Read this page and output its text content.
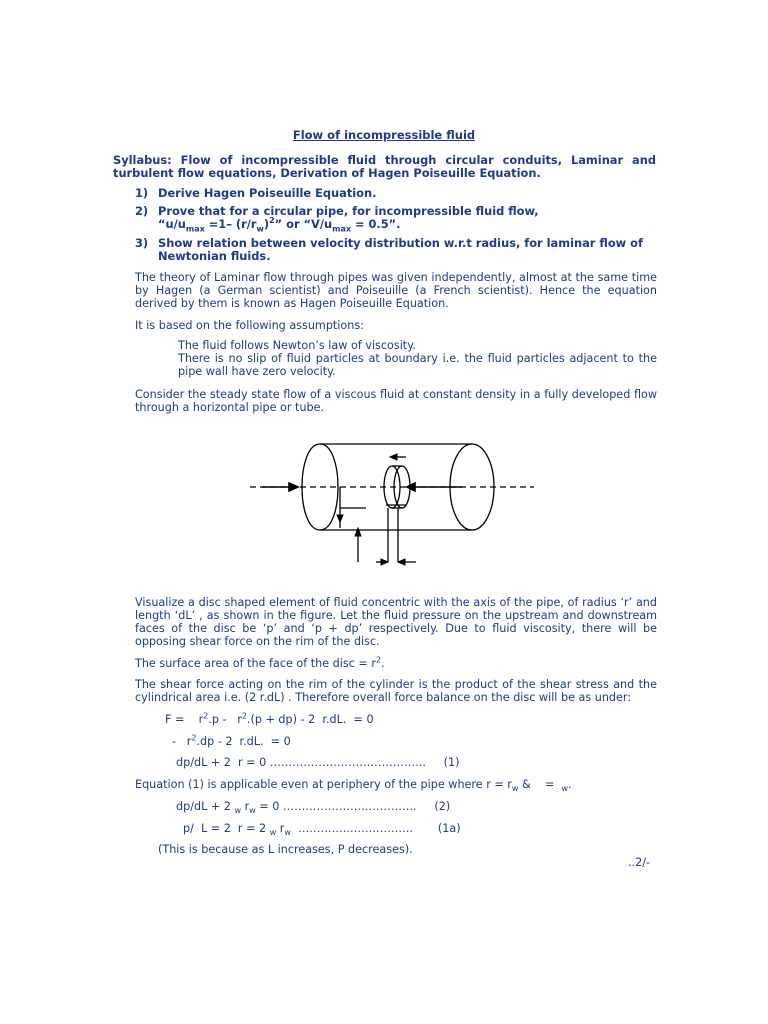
Flow of incompressible fluid
Syllabus: Flow of incompressible fluid through circular conduits, Laminar and turbulent flow equations, Derivation of Hagen Poiseuille Equation.
1) Derive Hagen Poiseuille Equation.
2) Prove that for a circular pipe, for incompressible fluid flow,
“$u/u_{max} =1-$ $(r/r_w)^2$” or “$V/u_{max} = 0.5$”.
3) Show relation between velocity distribution w.r.t radius, for laminar flow of
Newtonian fluids.
The theory of Laminar flow through pipes was given independently, almost at the same time by Hagen (a German scientist) and Poiseuille (a French scientist). Hence the equation derived by them is known as Hagen Poiseuille Equation.
It is based on the following assumptions:
The fluid follows Newton’s law of viscosity.
There is no slip of fluid particles at boundary i.e. the fluid particles adjacent to the pipe wall have zero velocity.
Consider the steady state flow of a viscous fluid at constant density in a fully developed flow through a horizontal pipe or tube.
Visualize a disc shaped element of fluid concentric with the axis of the pipe, of radius ‘r’ and length ‘dL’ , as shown in the figure. Let the fluid pressure on the upstream and downstream faces of the disc be ‘p’ and ‘p + dp’ respectively. Due to fluid viscosity, there will be opposing shear force on the rim of the disc.
The surface area of the face of the disc = $r^2$.
The shear force acting on the rim of the cylinder is the product of the shear stress and the cylindrical area i.e. (2 r.dL) . Therefore overall force balance on the disc will be as under:
F =    $r^2.p - r^2.(p + dp) - 2$  r.dL.  = 0
-   $r^2.dp - 2$  r.dL.  = 0
dp/dL + 2  r = 0 …………………….……………..     (1)
Equation (1) is applicable even at periphery of the pipe where $r = r_w$ &    =  $_w$.
dp/dL + 2 $_w$ $r_w = 0$ ………………….…………..     (2)
p/  L = 2  r = 2 $_w$ $r_w$  …………..……………..       (1a)
(This is because as L increases, P decreases).
..2/-
